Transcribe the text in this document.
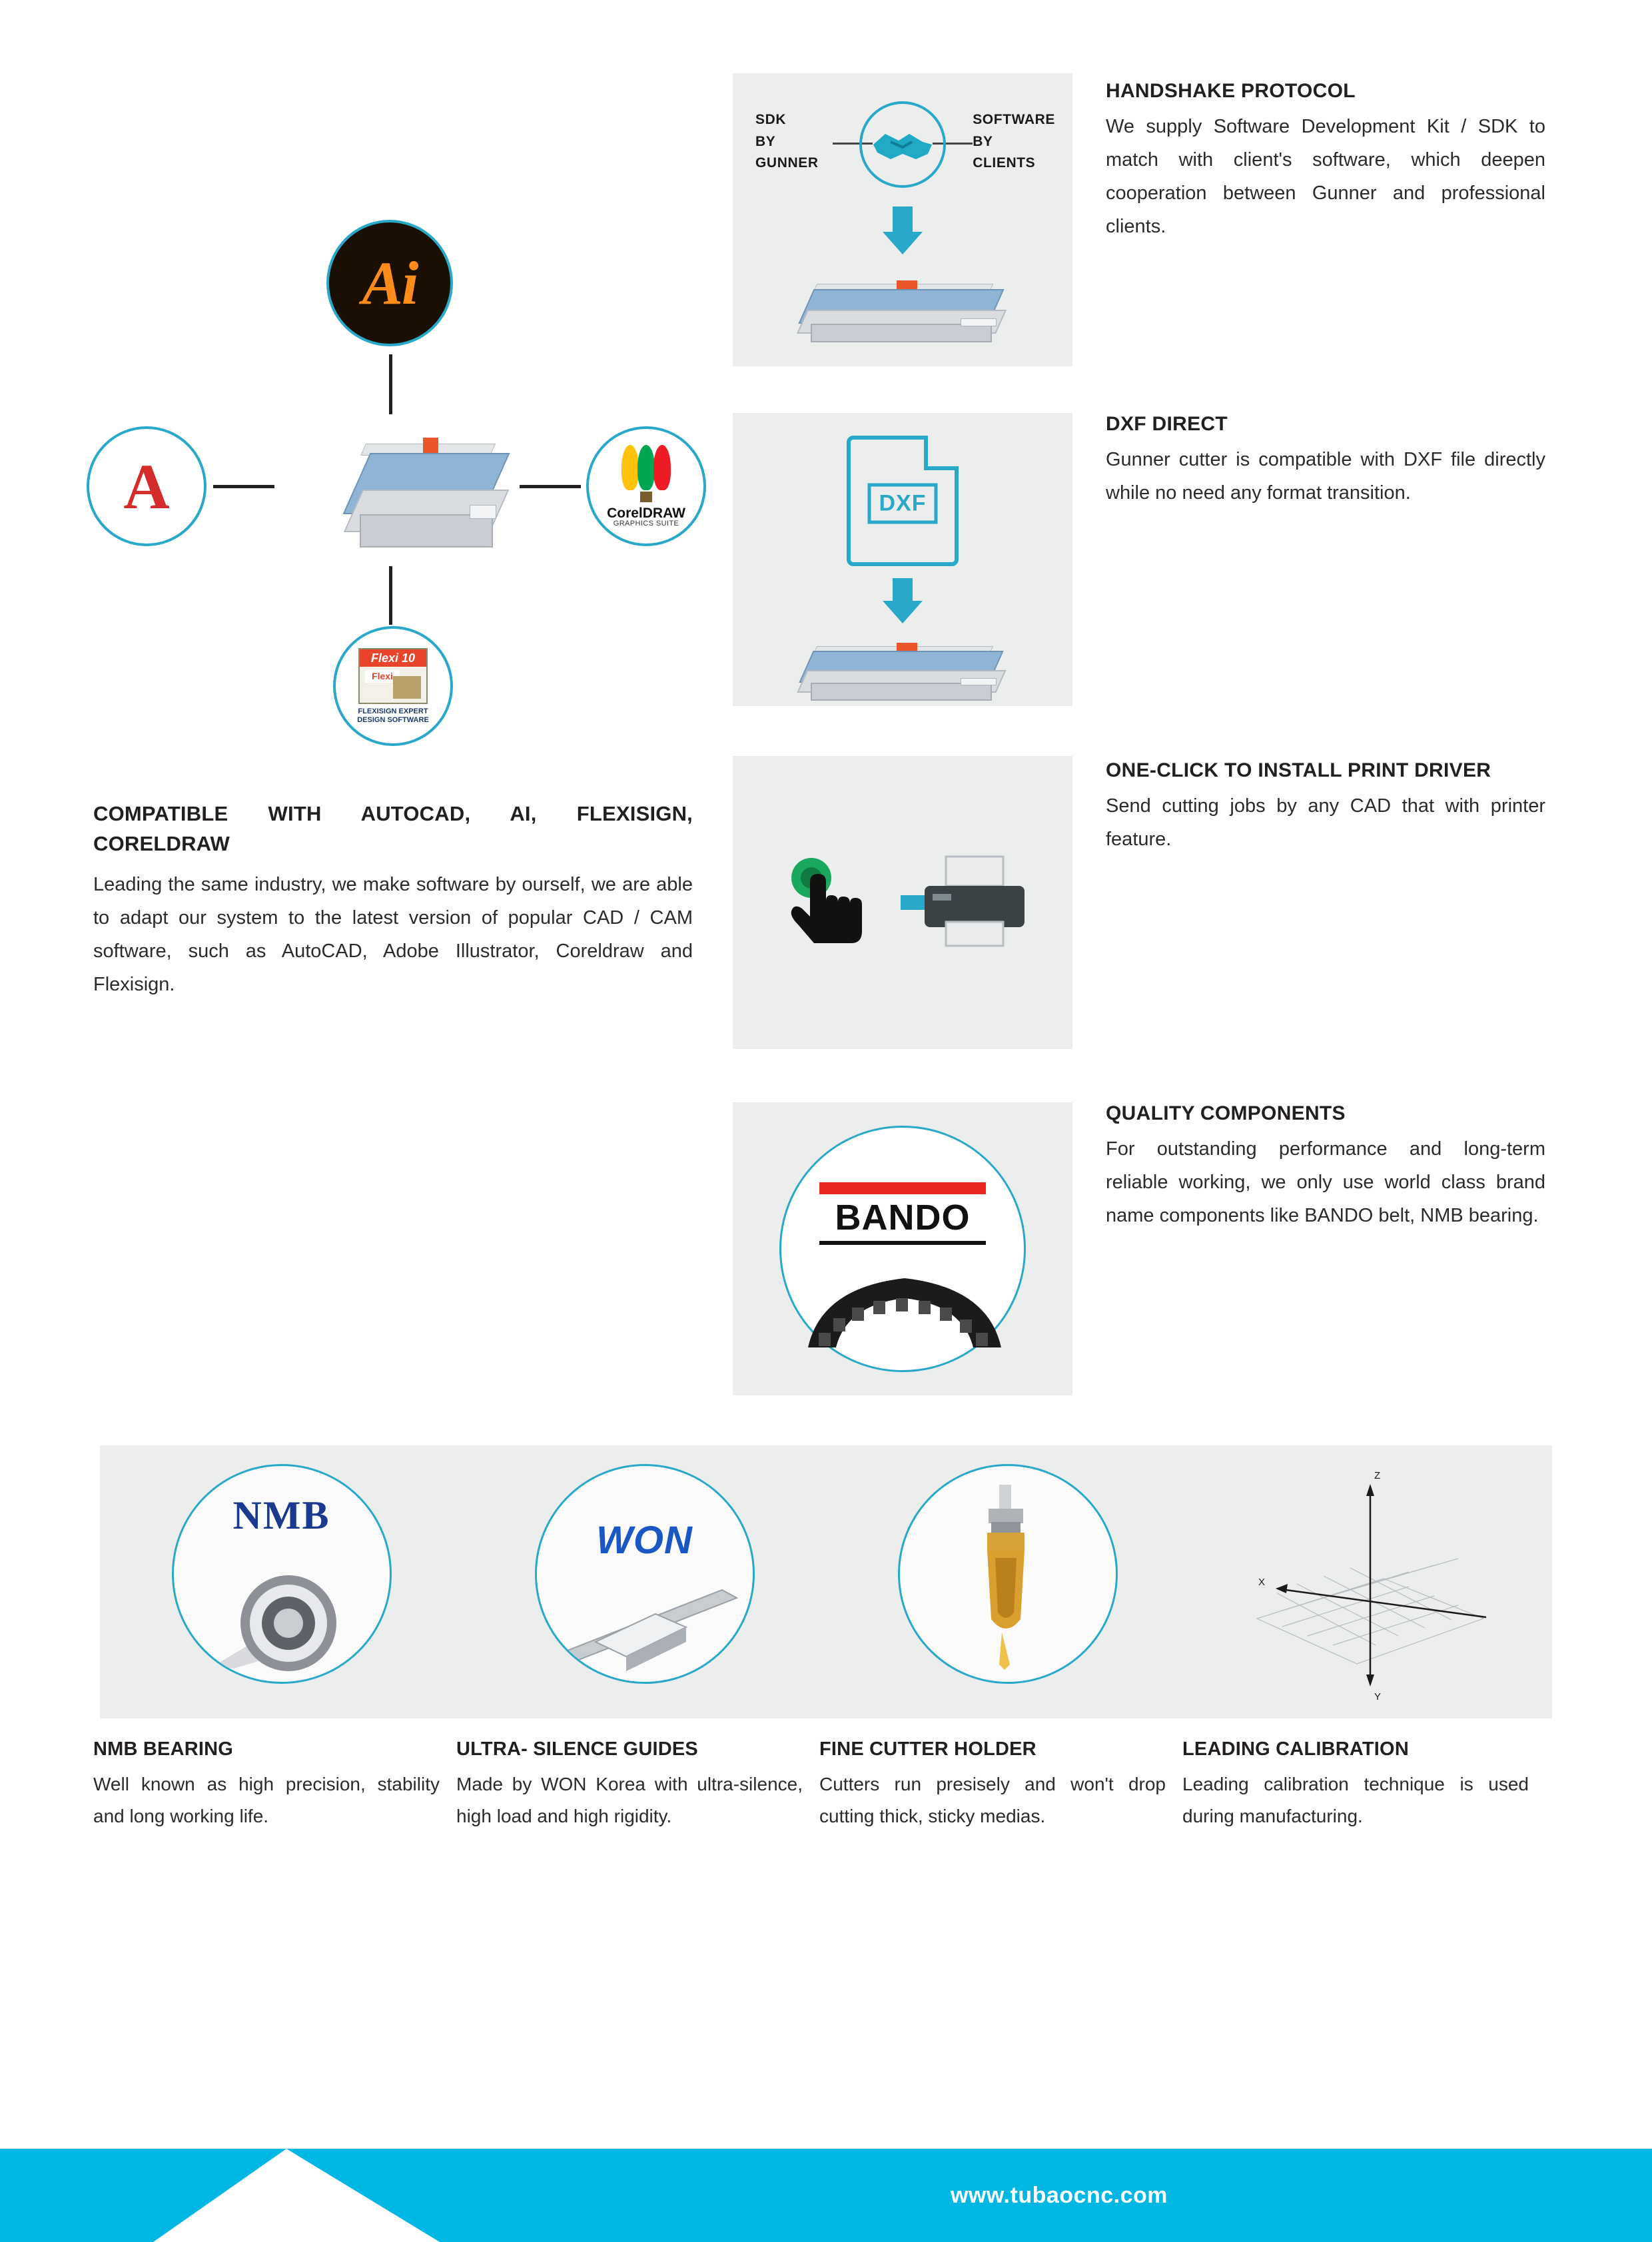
Ai
A	CorelDRAW
GRAPHICS SUITE
Flexi 10
Flexi
FLEXISIGN EXPERT
DESIGN SOFTWARE
COMPATIBLE WITH AUTOCAD, AI, FLEXISIGN, CORELDRAW

Leading the same industry, we make software by ourself, we are able to adapt our system to the latest version of popular CAD / CAM software, such as AutoCAD, Adobe Illustrator, Coreldraw and Flexisign.

SDK
BY
GUNNER
SOFTWARE
BY
CLIENTS
HANDSHAKE PROTOCOL

We supply Software Development Kit / SDK to match with client's software, which deepen cooperation between Gunner and professional clients.

DXF
DXF DIRECT

Gunner cutter is compatible with DXF file directly while no need any format transition.

ONE-CLICK TO INSTALL PRINT DRIVER

Send cutting jobs by any CAD that with printer feature.

BANDO
QUALITY COMPONENTS

For outstanding performance and long-term reliable working, we only use world class brand name components like BANDO belt, NMB bearing.

NMB
WON
Z
Y
X
NMB BEARING

Well known as high precision, stability and long working life.

ULTRA- SILENCE GUIDES

Made by WON Korea with ultra-silence, high load and high rigidity.

FINE CUTTER HOLDER

Cutters run presisely and won't drop cutting thick, sticky medias.

LEADING CALIBRATION

Leading calibration technique is used during manufacturing.

www.tubaocnc.com
